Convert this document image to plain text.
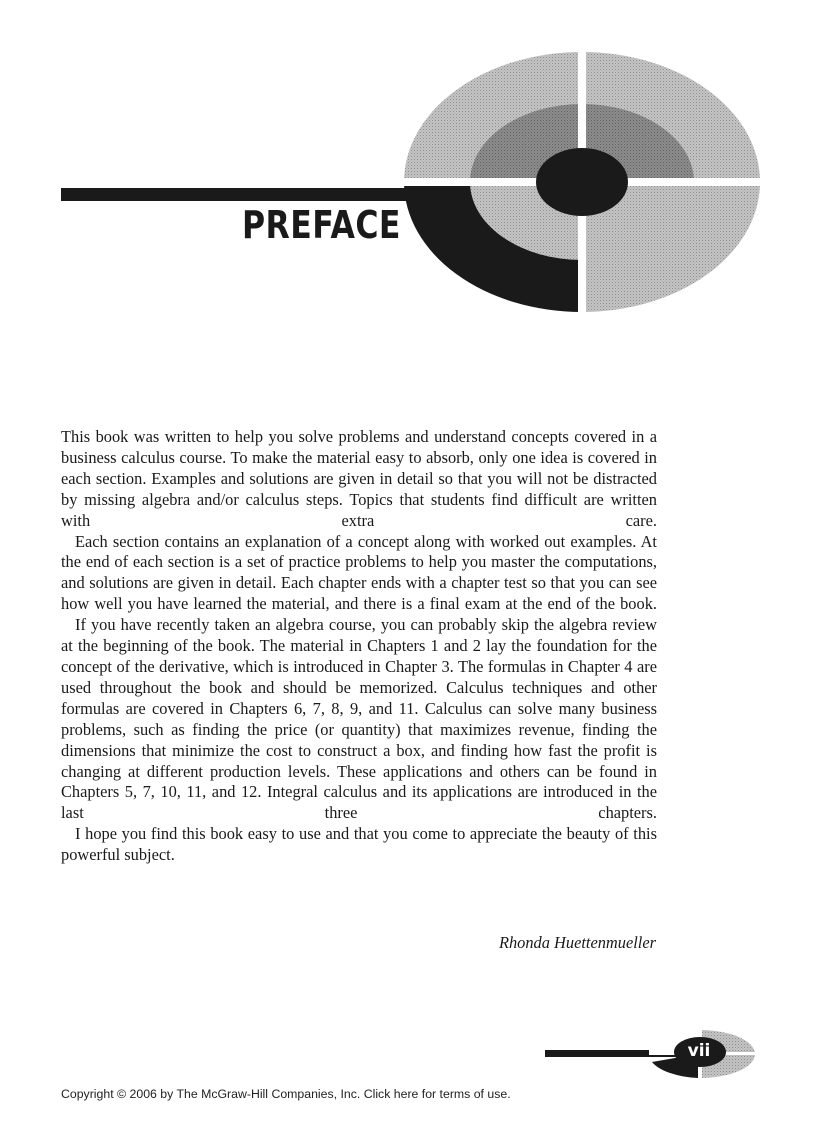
PREFACE

This book was written to help you solve problems and understand concepts covered in a business calculus course. To make the material easy to absorb, only one idea is covered in each section. Examples and solutions are given in detail so that you will not be distracted by missing algebra and/or calculus steps. Topics that students find difficult are written with extra care.

Each section contains an explanation of a concept along with worked out examples. At the end of each section is a set of practice problems to help you master the computations, and solutions are given in detail. Each chapter ends with a chapter test so that you can see how well you have learned the material, and there is a final exam at the end of the book.

If you have recently taken an algebra course, you can probably skip the algebra review at the beginning of the book. The material in Chapters 1 and 2 lay the foundation for the concept of the derivative, which is introduced in Chapter 3. The formulas in Chapter 4 are used throughout the book and should be memorized. Calculus techniques and other formulas are covered in Chapters 6, 7, 8, 9, and 11. Calculus can solve many business problems, such as finding the price (or quantity) that maximizes revenue, finding the dimensions that minimize the cost to construct a box, and finding how fast the profit is changing at different production levels. These applications and others can be found in Chapters 5, 7, 10, 11, and 12. Integral calculus and its applications are introduced in the last three chapters.

I hope you find this book easy to use and that you come to appreciate the beauty of this powerful subject.

Rhonda Huettenmueller

vii

Copyright © 2006 by The McGraw-Hill Companies, Inc. Click here for terms of use.
